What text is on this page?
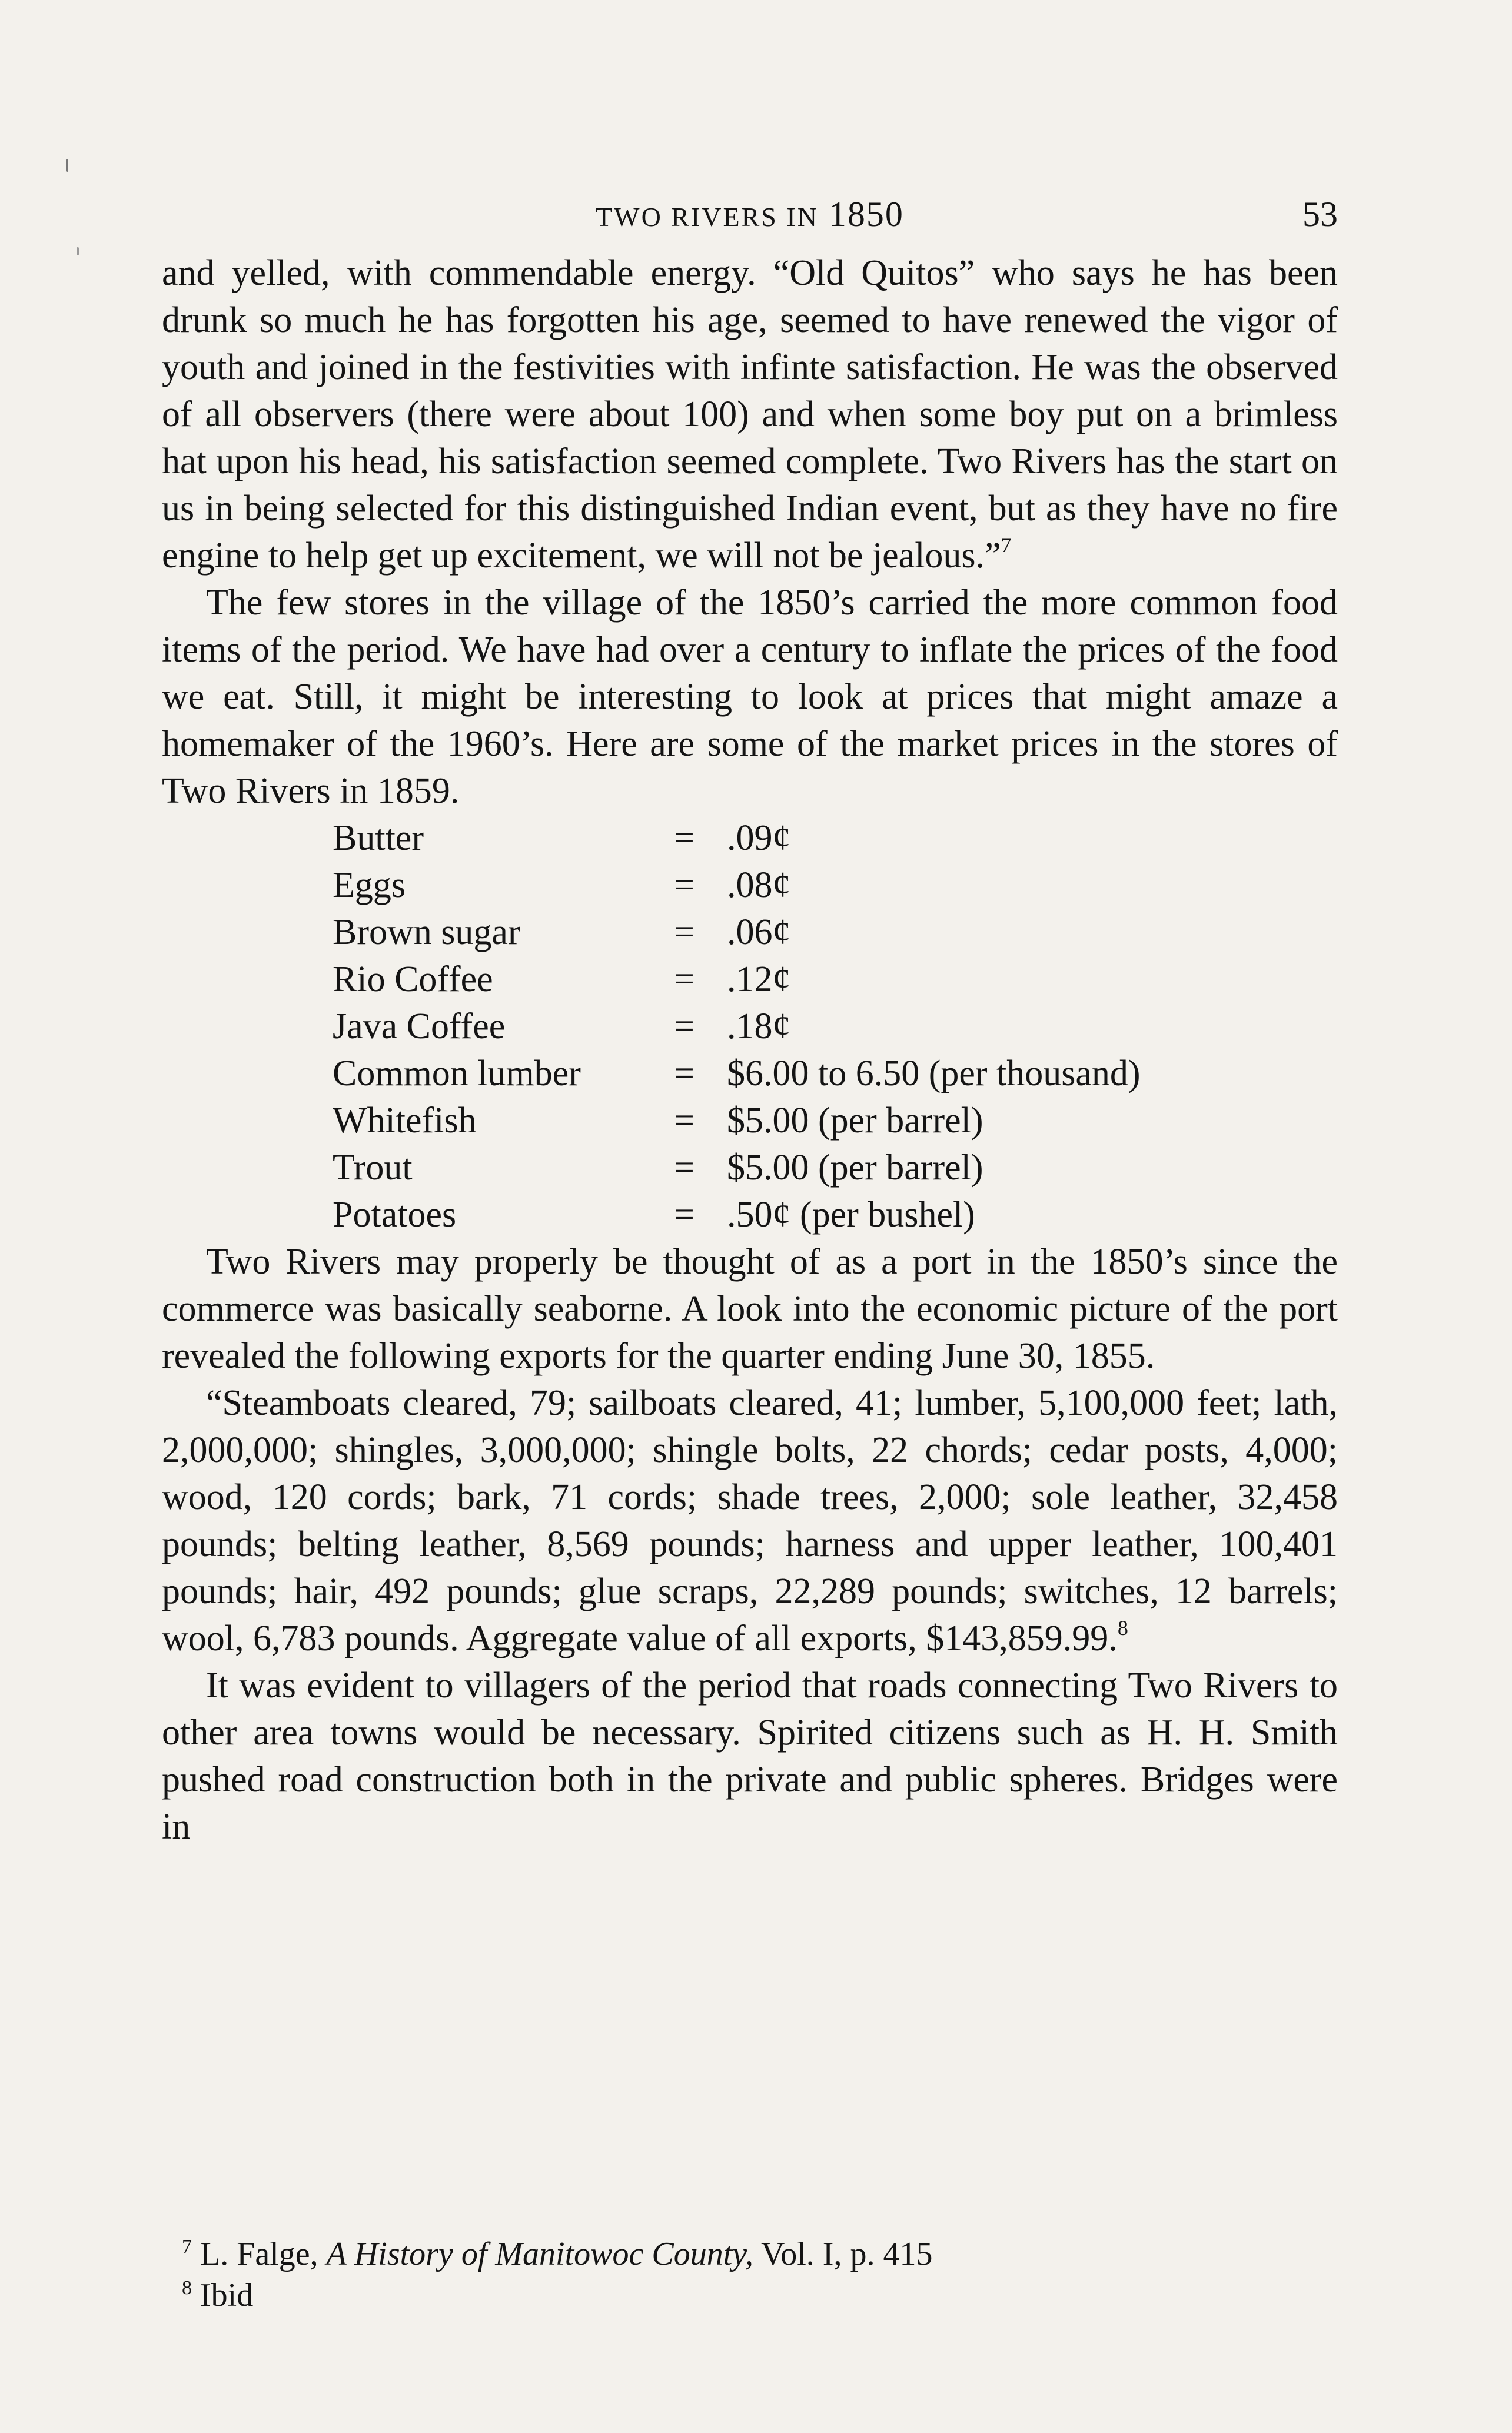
TWO RIVERS IN 1850	53

and yelled, with commendable energy. “Old Quitos” who says he has been drunk so much he has forgotten his age, seemed to have renewed the vigor of youth and joined in the festivities with infinte satisfaction. He was the observed of all observers (there were about 100) and when some boy put on a brimless hat upon his head, his satisfaction seemed complete. Two Rivers has the start on us in being selected for this distinguished Indian event, but as they have no fire engine to help get up excitement, we will not be jealous.”$^7$

The few stores in the village of the 1850’s carried the more common food items of the period. We have had over a century to inflate the prices of the food we eat. Still, it might be interesting to look at prices that might amaze a homemaker of the 1960’s. Here are some of the market prices in the stores of Two Rivers in 1859.

Butter	=	.09¢
Eggs	=	.08¢
Brown sugar	=	.06¢
Rio Coffee	=	.12¢
Java Coffee	=	.18¢
Common lumber	=	$6.00 to 6.50 (per thousand)
Whitefish	=	$5.00 (per barrel)
Trout	=	$5.00 (per barrel)
Potatoes	=	.50¢ (per bushel)

Two Rivers may properly be thought of as a port in the 1850’s since the commerce was basically seaborne. A look into the economic picture of the port revealed the following exports for the quarter ending June 30, 1855.

“Steamboats cleared, 79; sailboats cleared, 41; lumber, 5,100,000 feet; lath, 2,000,000; shingles, 3,000,000; shingle bolts, 22 chords; cedar posts, 4,000; wood, 120 cords; bark, 71 cords; shade trees, 2,000; sole leather, 32,458 pounds; belting leather, 8,569 pounds; harness and upper leather, 100,401 pounds; hair, 492 pounds; glue scraps, 22,289 pounds; switches, 12 barrels; wool, 6,783 pounds. Aggregate value of all exports, $143,859.99.$^8$

It was evident to villagers of the period that roads connecting Two Rivers to other area towns would be necessary. Spirited citizens such as H. H. Smith pushed road construction both in the private and public spheres. Bridges were in

$^7$ L. Falge, A History of Manitowoc County, Vol. I, p. 415

$^8$ Ibid
